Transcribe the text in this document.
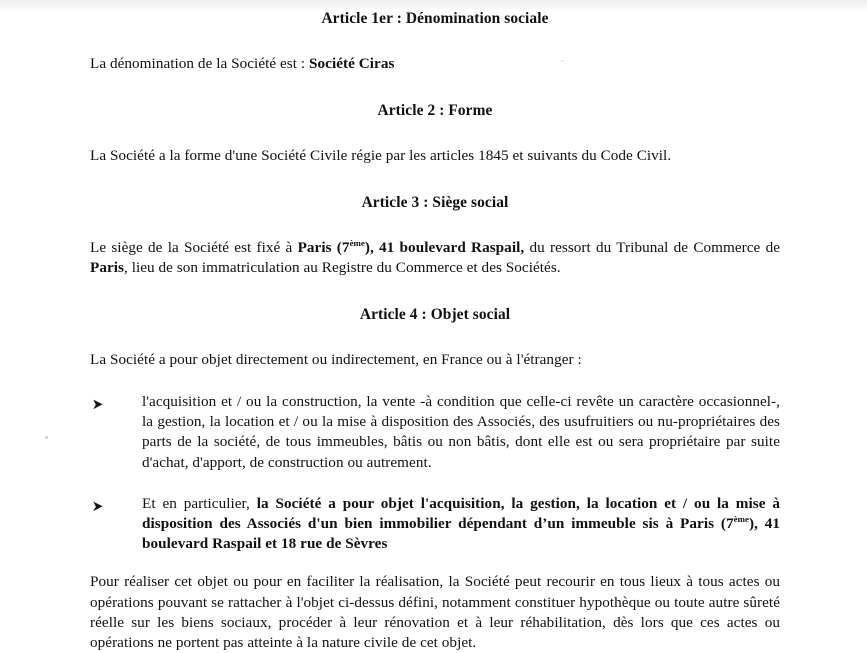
Article 1er : Dénomination sociale

La dénomination de la Société est : Société Ciras

Article 2 : Forme

La Société a la forme d'une Société Civile régie par les articles 1845 et suivants du Code Civil.

Article 3 : Siège social

Le siège de la Société est fixé à Paris (7ème), 41 boulevard Raspail, du ressort du Tribunal de Commerce de Paris, lieu de son immatriculation au Registre du Commerce et des Sociétés.

Article 4 : Objet social

La Société a pour objet directement ou indirectement, en France ou à l'étranger :

l'acquisition et / ou la construction, la vente -à condition que celle-ci revête un caractère occasionnel-, la gestion, la location et / ou la mise à disposition des Associés, des usufruitiers ou nu-propriétaires des parts de la société, de tous immeubles, bâtis ou non bâtis, dont elle est ou sera propriétaire par suite d'achat, d'apport, de construction ou autrement.
Et en particulier, la Société a pour objet l'acquisition, la gestion, la location et / ou la mise à disposition des Associés d'un bien immobilier dépendant d’un immeuble sis à Paris (7ème), 41 boulevard Raspail et 18 rue de Sèvres

Pour réaliser cet objet ou pour en faciliter la réalisation, la Société peut recourir en tous lieux à tous actes ou opérations pouvant se rattacher à l'objet ci-dessus défini, notamment constituer hypothèque ou toute autre sûreté réelle sur les biens sociaux, procéder à leur rénovation et à leur réhabilitation, dès lors que ces actes ou opérations ne portent pas atteinte à la nature civile de cet objet.
